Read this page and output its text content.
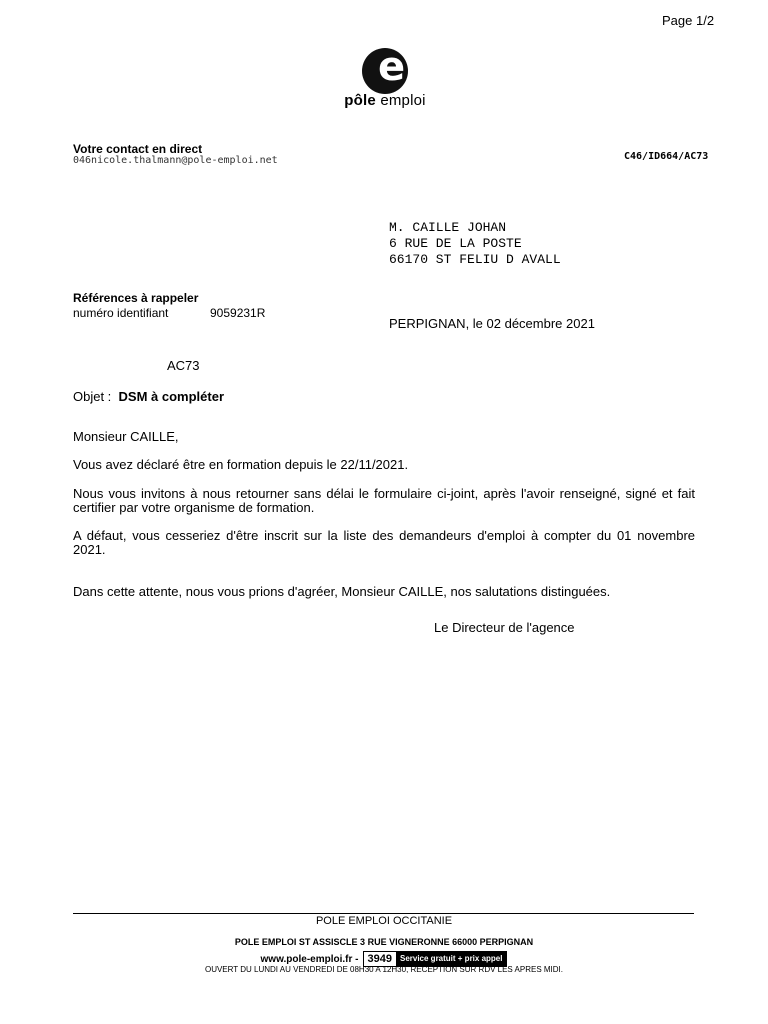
Page 1/2
e
pôle emploi
Votre contact en direct
046nicole.thalmann@pole-emploi.net	C46/ID664/AC73
M. CAILLE JOHAN
6 RUE DE LA POSTE
66170 ST FELIU D AVALL
Références à rappeler
numéro identifiant	9059231R
PERPIGNAN, le 02 décembre 2021
AC73
Objet : DSM à compléter
Monsieur CAILLE,
Vous avez déclaré être en formation depuis le 22/11/2021.
Nous vous invitons à nous retourner sans délai le formulaire ci-joint, après l'avoir renseigné, signé et fait certifier par votre organisme de formation.
A défaut, vous cesseriez d'être inscrit sur la liste des demandeurs d'emploi à compter du 01 novembre 2021.
Dans cette attente, nous vous prions d'agréer, Monsieur CAILLE, nos salutations distinguées.
Le Directeur de l'agence
POLE EMPLOI OCCITANIE
POLE EMPLOI ST ASSISCLE 3 RUE VIGNERONNE 66000 PERPIGNAN
www.pole-emploi.fr - 3949	Service gratuit + prix appel
OUVERT DU LUNDI AU VENDREDI DE 08H30 A 12H30, RECEPTION SUR RDV LES APRES MIDI.
